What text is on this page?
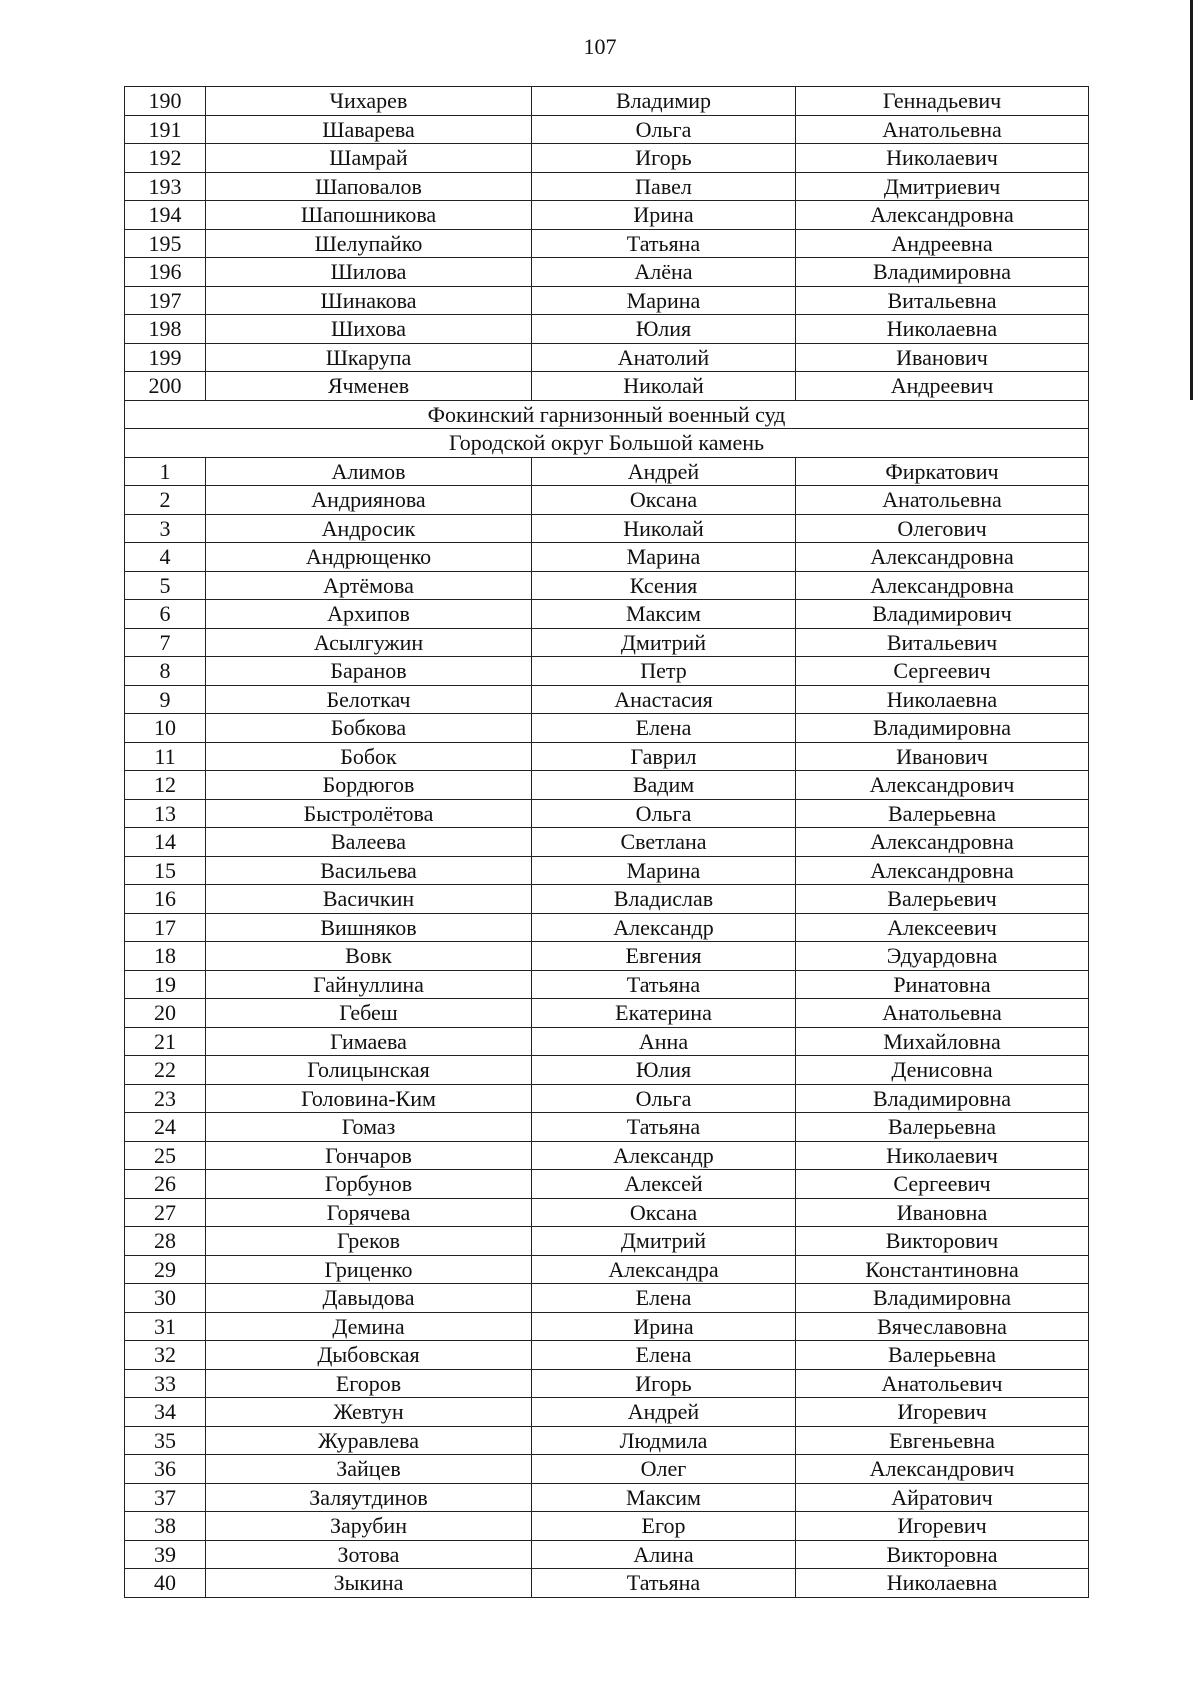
107
190	Чихарев	Владимир	Геннадьевич
191	Шаварева	Ольга	Анатольевна
192	Шамрай	Игорь	Николаевич
193	Шаповалов	Павел	Дмитриевич
194	Шапошникова	Ирина	Александровна
195	Шелупайко	Татьяна	Андреевна
196	Шилова	Алёна	Владимировна
197	Шинакова	Марина	Витальевна
198	Шихова	Юлия	Николаевна
199	Шкарупа	Анатолий	Иванович
200	Ячменев	Николай	Андреевич
Фокинский гарнизонный военный суд			
Городской округ Большой камень			
1	Алимов	Андрей	Фиркатович
2	Андриянова	Оксана	Анатольевна
3	Андросик	Николай	Олегович
4	Андрющенко	Марина	Александровна
5	Артёмова	Ксения	Александровна
6	Архипов	Максим	Владимирович
7	Асылгужин	Дмитрий	Витальевич
8	Баранов	Петр	Сергеевич
9	Белоткач	Анастасия	Николаевна
10	Бобкова	Елена	Владимировна
11	Бобок	Гаврил	Иванович
12	Бордюгов	Вадим	Александрович
13	Быстролётова	Ольга	Валерьевна
14	Валеева	Светлана	Александровна
15	Васильева	Марина	Александровна
16	Васичкин	Владислав	Валерьевич
17	Вишняков	Александр	Алексеевич
18	Вовк	Евгения	Эдуардовна
19	Гайнуллина	Татьяна	Ринатовна
20	Гебеш	Екатерина	Анатольевна
21	Гимаева	Анна	Михайловна
22	Голицынская	Юлия	Денисовна
23	Головина-Ким	Ольга	Владимировна
24	Гомаз	Татьяна	Валерьевна
25	Гончаров	Александр	Николаевич
26	Горбунов	Алексей	Сергеевич
27	Горячева	Оксана	Ивановна
28	Греков	Дмитрий	Викторович
29	Гриценко	Александра	Константиновна
30	Давыдова	Елена	Владимировна
31	Демина	Ирина	Вячеславовна
32	Дыбовская	Елена	Валерьевна
33	Егоров	Игорь	Анатольевич
34	Жевтун	Андрей	Игоревич
35	Журавлева	Людмила	Евгеньевна
36	Зайцев	Олег	Александрович
37	Заляутдинов	Максим	Айратович
38	Зарубин	Егор	Игоревич
39	Зотова	Алина	Викторовна
40	Зыкина	Татьяна	Николаевна
